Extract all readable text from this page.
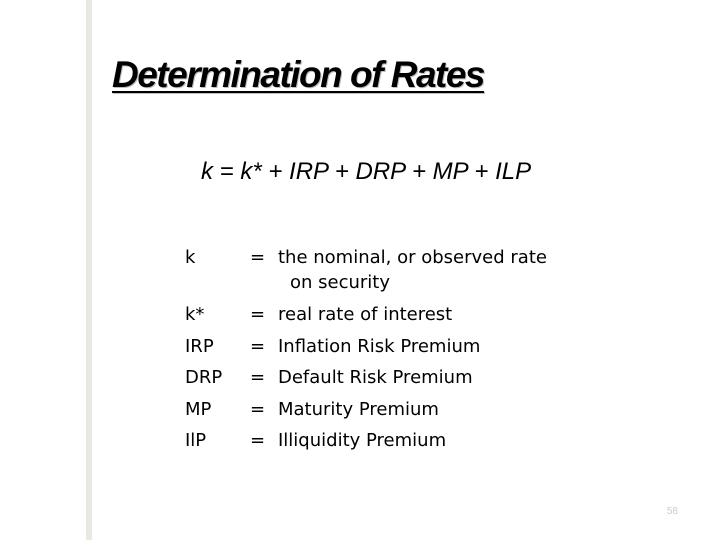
Determination of Rates

k = k* + IRP + DRP + MP + ILP

k	= the nominal, or observed rate
on security
k*	= real rate of interest
IRP = Inflation Risk Premium
DRP = Default Risk Premium
MP = Maturity Premium
IlP = Illiquidity Premium
58
